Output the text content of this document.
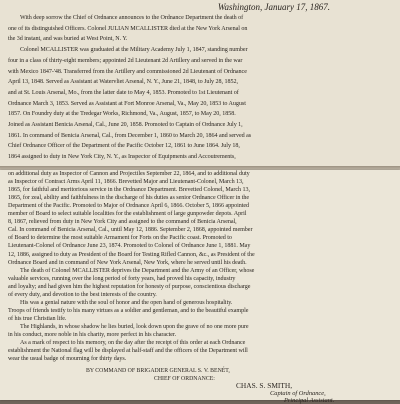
Washington, January 17, 1867.
With deep sorrow the Chief of Ordnance announces to the Ordnance Department the death of
one of its distinguished Officers. Colonel JULIAN MCALLISTER died at the New York Arsenal on
the 3d instant, and was buried at West Point, N. Y.
Colonel MCALLISTER was graduated at the Military Academy July 1, 1847, standing number
four in a class of thirty-eight members; appointed 2d Lieutenant 2d Artillery and served in the war
with Mexico 1847-'48. Transferred from the Artillery and commissioned 2d Lieutenant of Ordnance
April 13, 1848. Served as Assistant at Watervliet Arsenal, N. Y., June 21, 1848, to July 28, 1852,
and at St. Louis Arsenal, Mo., from the latter date to May 4, 1853. Promoted to 1st Lieutenant of
Ordnance March 3, 1853. Served as Assistant at Fort Monroe Arsenal, Va., May 20, 1853 to August
1857. On Foundry duty at the Tredegar Works, Richmond, Va., August, 1857, to May 20, 1858.
Joined as Assistant Benicia Arsenal, Cal., June 20, 1858. Promoted to Captain of Ordnance July 1,
1861. In command of Benicia Arsenal, Cal., from December 1, 1860 to March 20, 1864 and served as
Chief Ordnance Officer of the Department of the Pacific October 12, 1861 to June 1864. July 18,
1864 assigned to duty in New York City, N. Y., as Inspector of Equipments and Accoutrements,
on additional duty as Inspector of Cannon and Projectiles September 22, 1864, and to additional duty
as Inspector of Contract Arms April 11, 1866. Brevetted Major and Lieutenant-Colonel, March 13,
1865, for faithful and meritorious service in the Ordnance Department. Brevetted Colonel, March 13,
1865, for zeal, ability and faithfulness in the discharge of his duties as senior Ordnance Officer in the
Department of the Pacific. Promoted to Major of Ordnance April 6, 1866. October 5, 1866 appointed
member of Board to select suitable localities for the establishment of large gunpowder depots. April
8, 1867, relieved from duty in New York City and assigned to the command of Benicia Arsenal,
Cal. In command of Benicia Arsenal, Cal., until May 12, 1886. September 2, 1868, appointed member
of Board to determine the most suitable Armament for Forts on the Pacific coast. Promoted to
Lieutenant-Colonel of Ordnance June 23, 1874. Promoted to Colonel of Ordnance June 1, 1881. May
12, 1886, assigned to duty as President of the Board for Testing Rifled Cannon, &c., as President of the
Ordnance Board and in command of New York Arsenal, New York, where he served until his death.
The death of Colonel MCALLISTER deprives the Department and the Army of an Officer, whose
valuable services, running over the long period of forty years, had proved his capacity, industry
and loyalty; and had given him the highest reputation for honesty of purpose, conscientious discharge
of every duty, and devotion to the best interests of the country.
His was a genial nature with the soul of honor and the open hand of generous hospitality.
Troops of friends testify to his many virtues as a soldier and gentleman, and to the beautiful example
of his true Christian life.
The Highlands, in whose shadow he lies buried, look down upon the grave of no one more pure
in his conduct, more noble in his charity, more perfect in his character.
As a mark of respect to his memory, on the day after the receipt of this order at each Ordnance
establishment the National flag will be displayed at half-staff and the officers of the Department will
wear the usual badge of mourning for thirty days.
BY COMMAND OF BRIGADIER GENERAL S. V. BENÉT,
CHIEF OF ORDNANCE:
CHAS. S. SMITH,
Captain of Ordnance,
Principal Assistant.
